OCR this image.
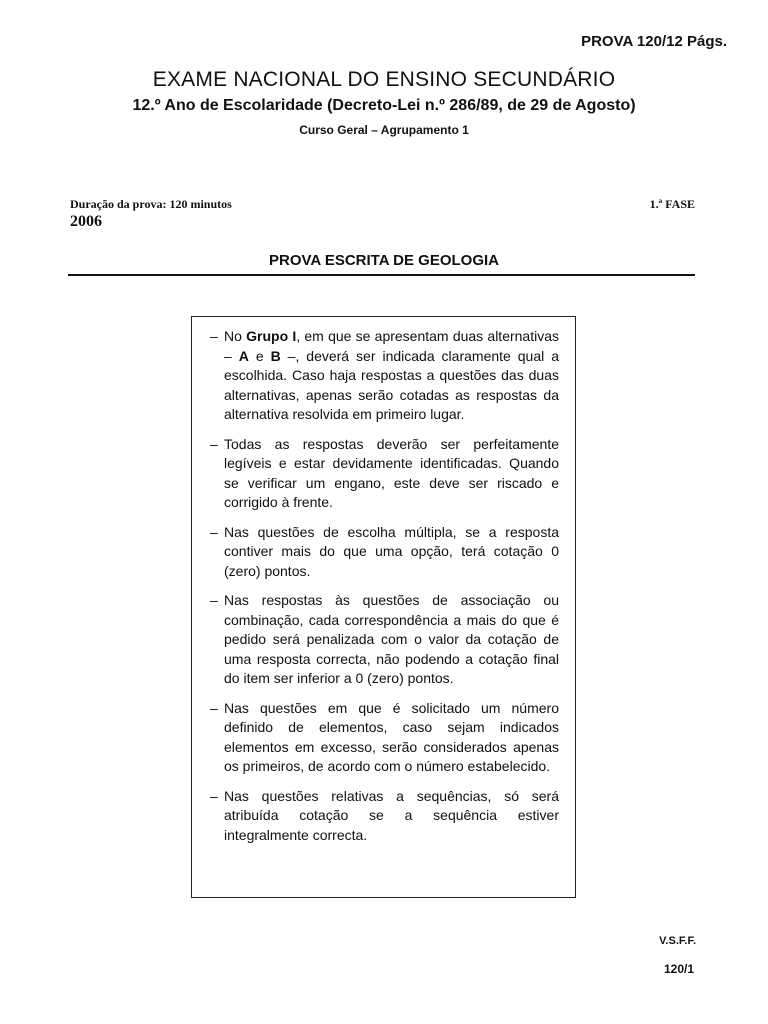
PROVA 120/12 Págs.
EXAME NACIONAL DO ENSINO SECUNDÁRIO
12.º Ano de Escolaridade (Decreto-Lei n.º 286/89, de 29 de Agosto)
Curso Geral – Agrupamento 1
Duração da prova: 120 minutos
2006
1.ª FASE
PROVA ESCRITA DE GEOLOGIA
– No Grupo I, em que se apresentam duas alternativas – A e B –, deverá ser indicada claramente qual a escolhida. Caso haja respostas a questões das duas alternativas, apenas serão cotadas as respostas da alternativa resolvida em primeiro lugar.
– Todas as respostas deverão ser perfeitamente legíveis e estar devidamente identificadas. Quando se verificar um engano, este deve ser riscado e corrigido à frente.
– Nas questões de escolha múltipla, se a resposta contiver mais do que uma opção, terá cotação 0 (zero) pontos.
– Nas respostas às questões de associação ou combinação, cada correspondência a mais do que é pedido será penalizada com o valor da cotação de uma resposta correcta, não podendo a cotação final do item ser inferior a 0 (zero) pontos.
– Nas questões em que é solicitado um número definido de elementos, caso sejam indicados elementos em excesso, serão considerados apenas os primeiros, de acordo com o número estabelecido.
– Nas questões relativas a sequências, só será atribuída cotação se a sequência estiver integralmente correcta.
V.S.F.F.
120/1
